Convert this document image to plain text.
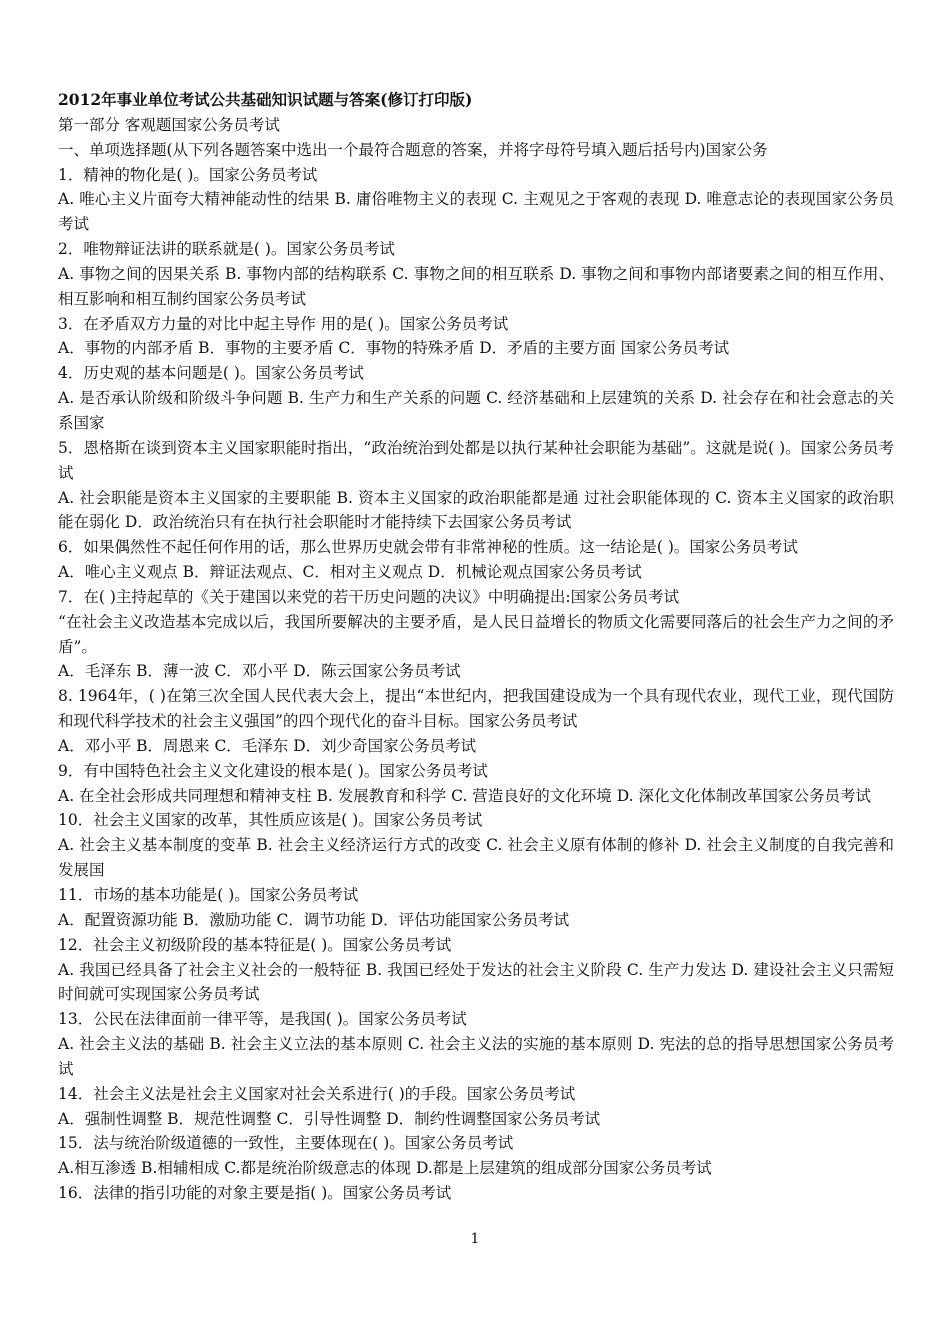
2012年事业单位考试公共基础知识试题与答案(修订打印版)

第一部分 客观题国家公务员考试

一、单项选择题(从下列各题答案中选出一个最符合题意的答案，并将字母符号填入题后括号内)国家公务

1．精神的物化是( )。国家公务员考试

A. 唯心主义片面夸大精神能动性的结果 B. 庸俗唯物主义的表现 C. 主观见之于客观的表现 D. 唯意志论的表现国家公务员考试

2．唯物辩证法讲的联系就是( )。国家公务员考试

A. 事物之间的因果关系 B. 事物内部的结构联系 C. 事物之间的相互联系 D. 事物之间和事物内部诸要素之间的相互作用、相互影响和相互制约国家公务员考试

3．在矛盾双方力量的对比中起主导作 用的是( )。国家公务员考试

A．事物的内部矛盾 B．事物的主要矛盾 C．事物的特殊矛盾 D．矛盾的主要方面 国家公务员考试

4．历史观的基本问题是( )。国家公务员考试

A. 是否承认阶级和阶级斗争问题 B. 生产力和生产关系的问题 C. 经济基础和上层建筑的关系 D. 社会存在和社会意志的关系国家

5．恩格斯在谈到资本主义国家职能时指出，“政治统治到处都是以执行某种社会职能为基础”。这就是说( )。国家公务员考试

A. 社会职能是资本主义国家的主要职能 B. 资本主义国家的政治职能都是通 过社会职能体现的 C. 资本主义国家的政治职能在弱化 D．政治统治只有在执行社会职能时才能持续下去国家公务员考试

6．如果偶然性不起任何作用的话，那么世界历史就会带有非常神秘的性质。这一结论是( )。国家公务员考试

A．唯心主义观点 B．辩证法观点、C．相对主义观点 D．机械论观点国家公务员考试

7．在( )主持起草的《关于建国以来党的若干历史问题的决议》中明确提出:国家公务员考试

“在社会主义改造基本完成以后，我国所要解决的主要矛盾，是人民日益增长的物质文化需要同落后的社会生产力之间的矛盾”。

A．毛泽东 B．薄一波 C．邓小平 D．陈云国家公务员考试

8. 1964年，( )在第三次全国人民代表大会上，提出“本世纪内，把我国建设成为一个具有现代农业，现代工业，现代国防和现代科学技术的社会主义强国”的四个现代化的奋斗目标。国家公务员考试

A．邓小平 B．周恩来 C．毛泽东 D．刘少奇国家公务员考试

9．有中国特色社会主义文化建设的根本是( )。国家公务员考试

A. 在全社会形成共同理想和精神支柱 B. 发展教育和科学 C. 营造良好的文化环境 D. 深化文化体制改革国家公务员考试

10．社会主义国家的改革，其性质应该是( )。国家公务员考试

A. 社会主义基本制度的变革 B. 社会主义经济运行方式的改变 C. 社会主义原有体制的修补 D. 社会主义制度的自我完善和发展国

11．市场的基本功能是( )。国家公务员考试

A．配置资源功能 B．激励功能 C．调节功能 D．评估功能国家公务员考试

12．社会主义初级阶段的基本特征是( )。国家公务员考试

A. 我国已经具备了社会主义社会的一般特征 B. 我国已经处于发达的社会主义阶段 C. 生产力发达 D. 建设社会主义只需短时间就可实现国家公务员考试

13．公民在法律面前一律平等，是我国( )。国家公务员考试

A. 社会主义法的基础 B. 社会主义立法的基本原则 C. 社会主义法的实施的基本原则 D. 宪法的总的指导思想国家公务员考试

14．社会主义法是社会主义国家对社会关系进行( )的手段。国家公务员考试

A．强制性调整 B．规范性调整 C．引导性调整 D．制约性调整国家公务员考试

15．法与统治阶级道德的一致性，主要体现在( )。国家公务员考试

A.相互渗透 B.相辅相成 C.都是统治阶级意志的体现 D.都是上层建筑的组成部分国家公务员考试

16．法律的指引功能的对象主要是指( )。国家公务员考试

1
